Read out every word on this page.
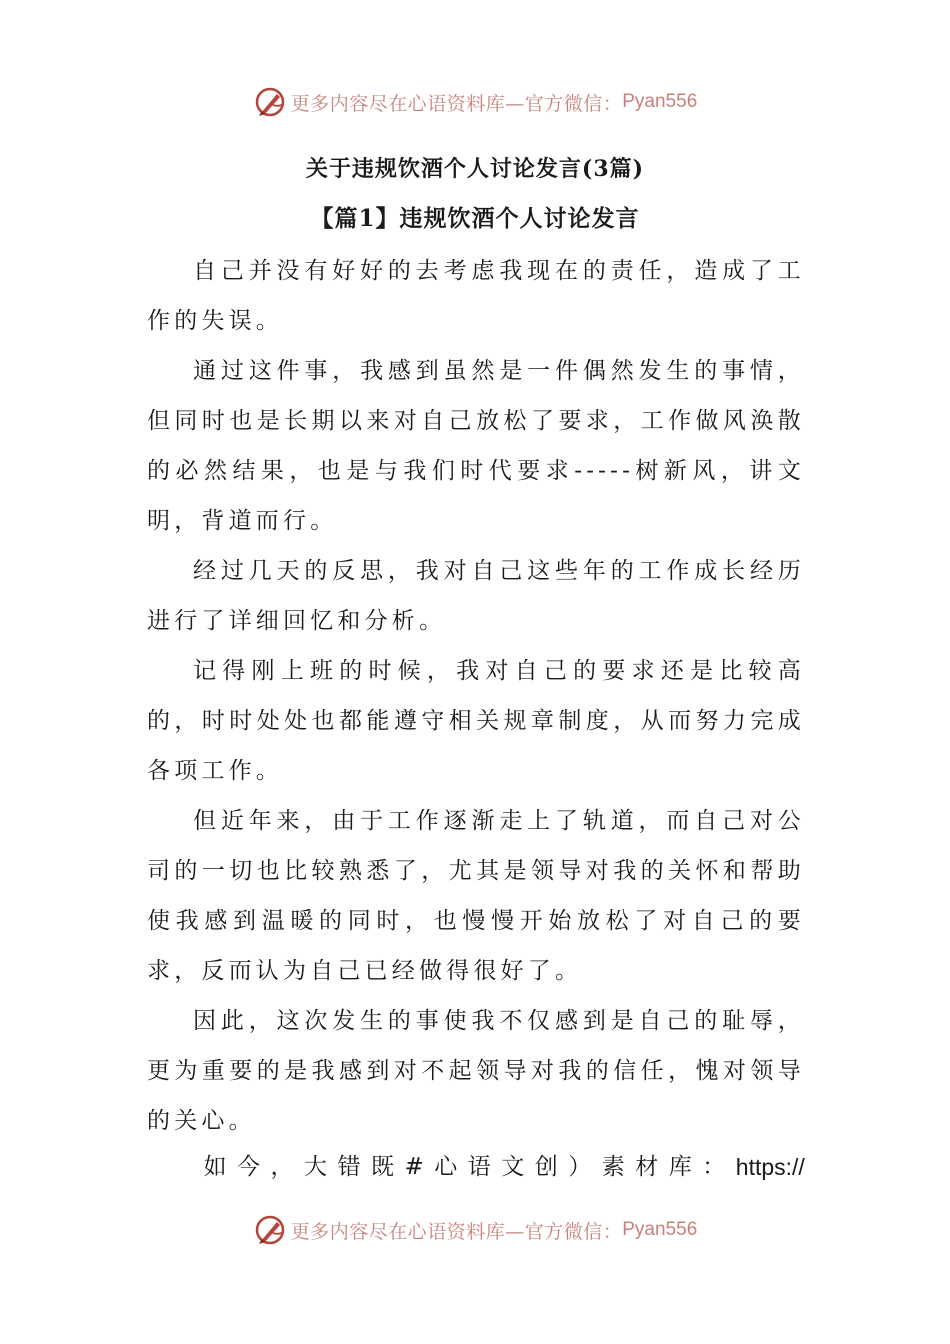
更多内容尽在心语资料库—官方微信： Pyan556
关于违规饮酒个人讨论发言(3篇)
【篇1】违规饮酒个人讨论发言

自己并没有好好的去考虑我现在的责任，造成了工作的失误。

通过这件事，我感到虽然是一件偶然发生的事情，但同时也是长期以来对自己放松了要求，工作做风涣散的必然结果，也是与我们时代要求-----树新风，讲文明，背道而行。

经过几天的反思，我对自己这些年的工作成长经历进行了详细回忆和分析。

记得刚上班的时候，我对自己的要求还是比较高的，时时处处也都能遵守相关规章制度，从而努力完成各项工作。

但近年来，由于工作逐渐走上了轨道，而自己对公司的一切也比较熟悉了，尤其是领导对我的关怀和帮助使我感到温暖的同时，也慢慢开始放松了对自己的要求，反而认为自己已经做得很好了。

因此，这次发生的事使我不仅感到是自己的耻辱，更为重要的是我感到对不起领导对我的信任，愧对领导的关心。

如 今 ， 大 错 既 # 心 语 文 创 ） 素 材 库 ： https://
更多内容尽在心语资料库—官方微信： Pyan556
